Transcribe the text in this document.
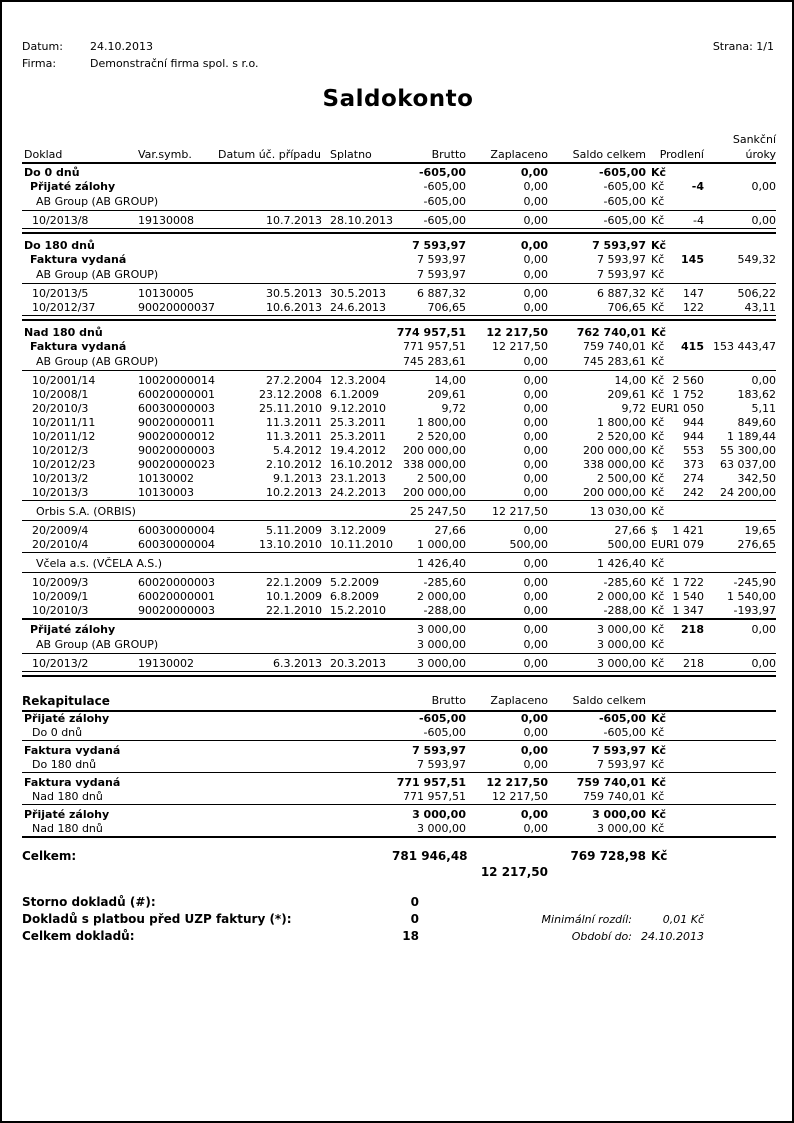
Datum:	24.10.2013	Strana: 1/1
Firma:	Demonstrační firma spol. s r.o.
Saldokonto
									Sankční
Doklad	Var.symb.	Datum úč. případu	Splatno	Brutto	Zaplaceno	Saldo celkem	Prodlení		úroky
Do 0 dnů				-605,00	0,00	-605,00	Kč		
Přijaté zálohy				-605,00	0,00	-605,00	Kč	-4	0,00
AB Group (AB GROUP)				-605,00	0,00	-605,00	Kč		

10/2013/8	19130008	10.7.2013	28.10.2013	-605,00	0,00	-605,00	Kč	-4	0,00

Do 180 dnů				7 593,97	0,00	7 593,97	Kč		
Faktura vydaná				7 593,97	0,00	7 593,97	Kč	145	549,32
AB Group (AB GROUP)				7 593,97	0,00	7 593,97	Kč		

10/2013/5	10130005	30.5.2013	30.5.2013	6 887,32	0,00	6 887,32	Kč	147	506,22
10/2012/37	90020000037	10.6.2013	24.6.2013	706,65	0,00	706,65	Kč	122	43,11

Nad 180 dnů				774 957,51	12 217,50	762 740,01	Kč		
Faktura vydaná				771 957,51	12 217,50	759 740,01	Kč	415	153 443,47
AB Group (AB GROUP)				745 283,61	0,00	745 283,61	Kč		

10/2001/14	10020000014	27.2.2004	12.3.2004	14,00	0,00	14,00	Kč	2 560	0,00
10/2008/1	60020000001	23.12.2008	6.1.2009	209,61	0,00	209,61	Kč	1 752	183,62
20/2010/3	60030000003	25.11.2010	9.12.2010	9,72	0,00	9,72	EUR	1 050	5,11
10/2011/11	90020000011	11.3.2011	25.3.2011	1 800,00	0,00	1 800,00	Kč	944	849,60
10/2011/12	90020000012	11.3.2011	25.3.2011	2 520,00	0,00	2 520,00	Kč	944	1 189,44
10/2012/3	90020000003	5.4.2012	19.4.2012	200 000,00	0,00	200 000,00	Kč	553	55 300,00
10/2012/23	90020000023	2.10.2012	16.10.2012	338 000,00	0,00	338 000,00	Kč	373	63 037,00
10/2013/2	10130002	9.1.2013	23.1.2013	2 500,00	0,00	2 500,00	Kč	274	342,50
10/2013/3	10130003	10.2.2013	24.2.2013	200 000,00	0,00	200 000,00	Kč	242	24 200,00

Orbis S.A. (ORBIS)				25 247,50	12 217,50	13 030,00	Kč		

20/2009/4	60030000004	5.11.2009	3.12.2009	27,66	0,00	27,66	$	1 421	19,65
20/2010/4	60030000004	13.10.2010	10.11.2010	1 000,00	500,00	500,00	EUR	1 079	276,65

Včela a.s. (VČELA A.S.)				1 426,40	0,00	1 426,40	Kč		

10/2009/3	60020000003	22.1.2009	5.2.2009	-285,60	0,00	-285,60	Kč	1 722	-245,90
10/2009/1	60020000001	10.1.2009	6.8.2009	2 000,00	0,00	2 000,00	Kč	1 540	1 540,00
10/2010/3	90020000003	22.1.2010	15.2.2010	-288,00	0,00	-288,00	Kč	1 347	-193,97

Přijaté zálohy				3 000,00	0,00	3 000,00	Kč	218	0,00
AB Group (AB GROUP)				3 000,00	0,00	3 000,00	Kč		

10/2013/2	19130002	6.3.2013	20.3.2013	3 000,00	0,00	3 000,00	Kč	218	0,00

Rekapitulace	Brutto	Zaplaceno	Saldo celkem		
Přijaté zálohy	-605,00	0,00	-605,00	Kč	
Do 0 dnů	-605,00	0,00	-605,00	Kč	

Faktura vydaná	7 593,97	0,00	7 593,97	Kč	
Do 180 dnů	7 593,97	0,00	7 593,97	Kč	

Faktura vydaná	771 957,51	12 217,50	759 740,01	Kč	
Nad 180 dnů	771 957,51	12 217,50	759 740,01	Kč	

Přijaté zálohy	3 000,00	0,00	3 000,00	Kč	
Nad 180 dnů	3 000,00	0,00	3 000,00	Kč	

Celkem:	781 946,48		769 728,98	Kč	
		12 217,50			
Storno dokladů (#):	0			
Dokladů s platbou před UZP faktury (*):	0	Minimální rozdíl:	0,01 Kč	
Celkem dokladů:	18	Období do:	24.10.2013	
